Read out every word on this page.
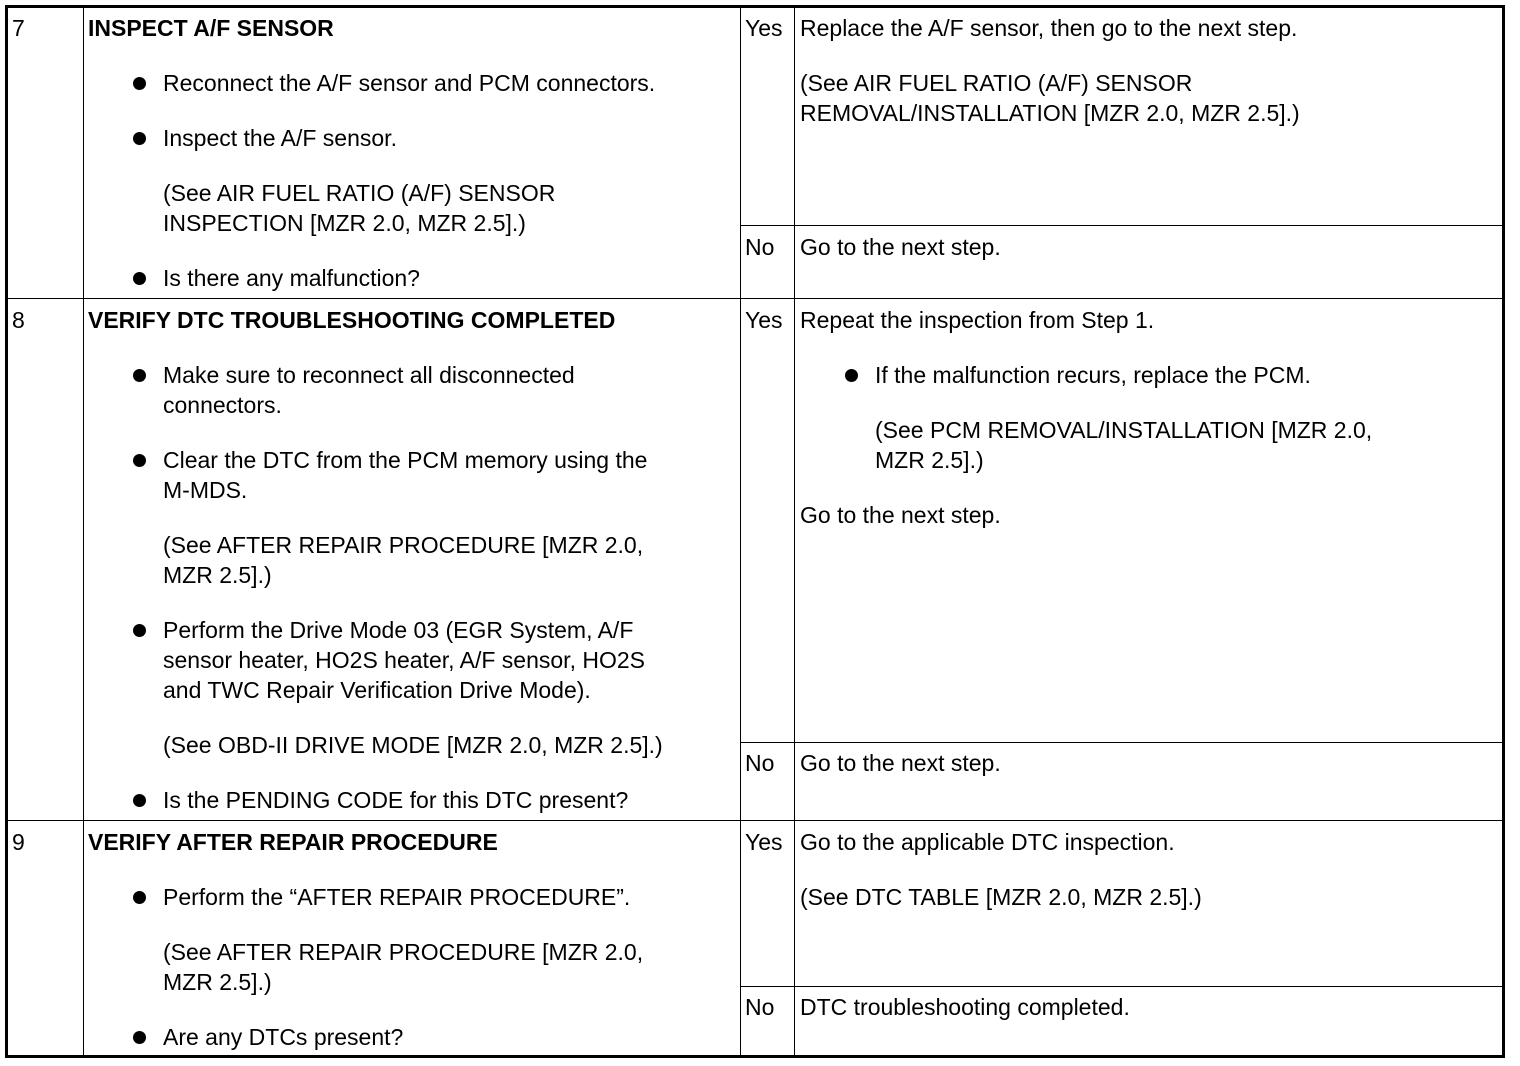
7	INSPECT A/F SENSOR
Reconnect the A/F sensor and PCM connectors.
Inspect the A/F sensor.
(See AIR FUEL RATIO (A/F) SENSOR
INSPECTION [MZR 2.0, MZR 2.5].)
Is there any malfunction?
Yes Replace the A/F sensor, then go to the next step.
(See AIR FUEL RATIO (A/F) SENSOR
REMOVAL/INSTALLATION [MZR 2.0, MZR 2.5].)
No Go to the next step.
8	VERIFY DTC TROUBLESHOOTING COMPLETED
Make sure to reconnect all disconnected
connectors.
Clear the DTC from the PCM memory using the
M-MDS.
(See AFTER REPAIR PROCEDURE [MZR 2.0,
MZR 2.5].)
Perform the Drive Mode 03 (EGR System, A/F
sensor heater, HO2S heater, A/F sensor, HO2S
and TWC Repair Verification Drive Mode).
(See OBD-II DRIVE MODE [MZR 2.0, MZR 2.5].)
Is the PENDING CODE for this DTC present?
Yes Repeat the inspection from Step 1.
If the malfunction recurs, replace the PCM.
(See PCM REMOVAL/INSTALLATION [MZR 2.0,
MZR 2.5].)
Go to the next step.
No Go to the next step.
9	VERIFY AFTER REPAIR PROCEDURE
Perform the “AFTER REPAIR PROCEDURE”.
(See AFTER REPAIR PROCEDURE [MZR 2.0,
MZR 2.5].)
Are any DTCs present?
Yes Go to the applicable DTC inspection.
(See DTC TABLE [MZR 2.0, MZR 2.5].)
No DTC troubleshooting completed.
